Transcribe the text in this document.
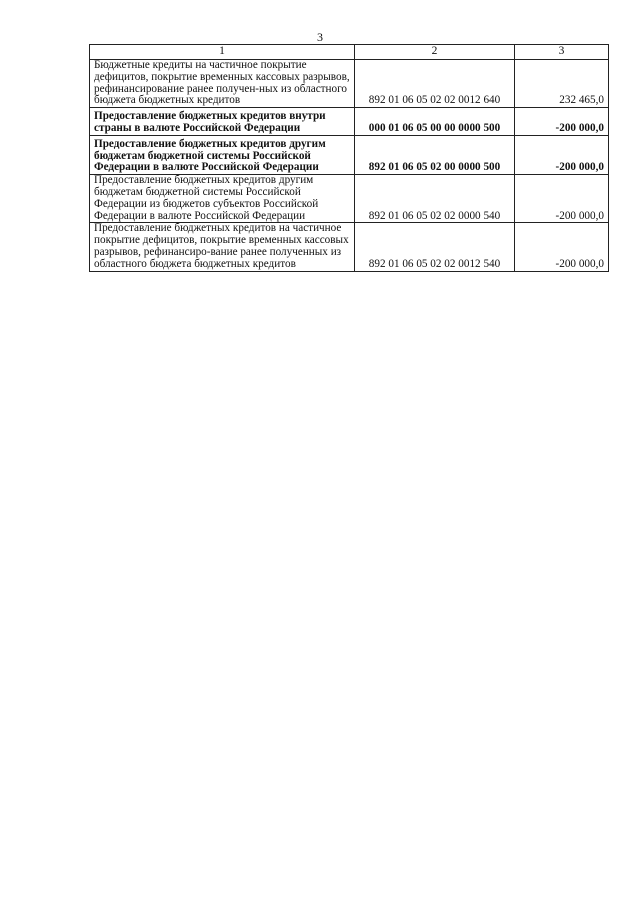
3
1	2	3
Бюджетные кредиты на частичное покрытие дефицитов, покрытие временных кассовых разрывов, рефинансирование ранее получен-ных из областного бюджета бюджетных кредитов	892 01 06 05 02 02 0012 640	232 465,0
Предоставление бюджетных кредитов внутри страны в валюте Российской Федерации	000 01 06 05 00 00 0000 500	-200 000,0
Предоставление бюджетных кредитов другим бюджетам бюджетной системы Российской Федерации в валюте Российской Федерации	892 01 06 05 02 00 0000 500	-200 000,0
Предоставление бюджетных кредитов другим бюджетам бюджетной системы Российской Федерации из бюджетов субъектов Российской Федерации в валюте Российской Федерации	892 01 06 05 02 02 0000 540	-200 000,0
Предоставление бюджетных кредитов на частичное покрытие дефицитов, покрытие временных кассовых разрывов, рефинансиро-вание ранее полученных из областного бюджета бюджетных кредитов	892 01 06 05 02 02 0012 540	-200 000,0
